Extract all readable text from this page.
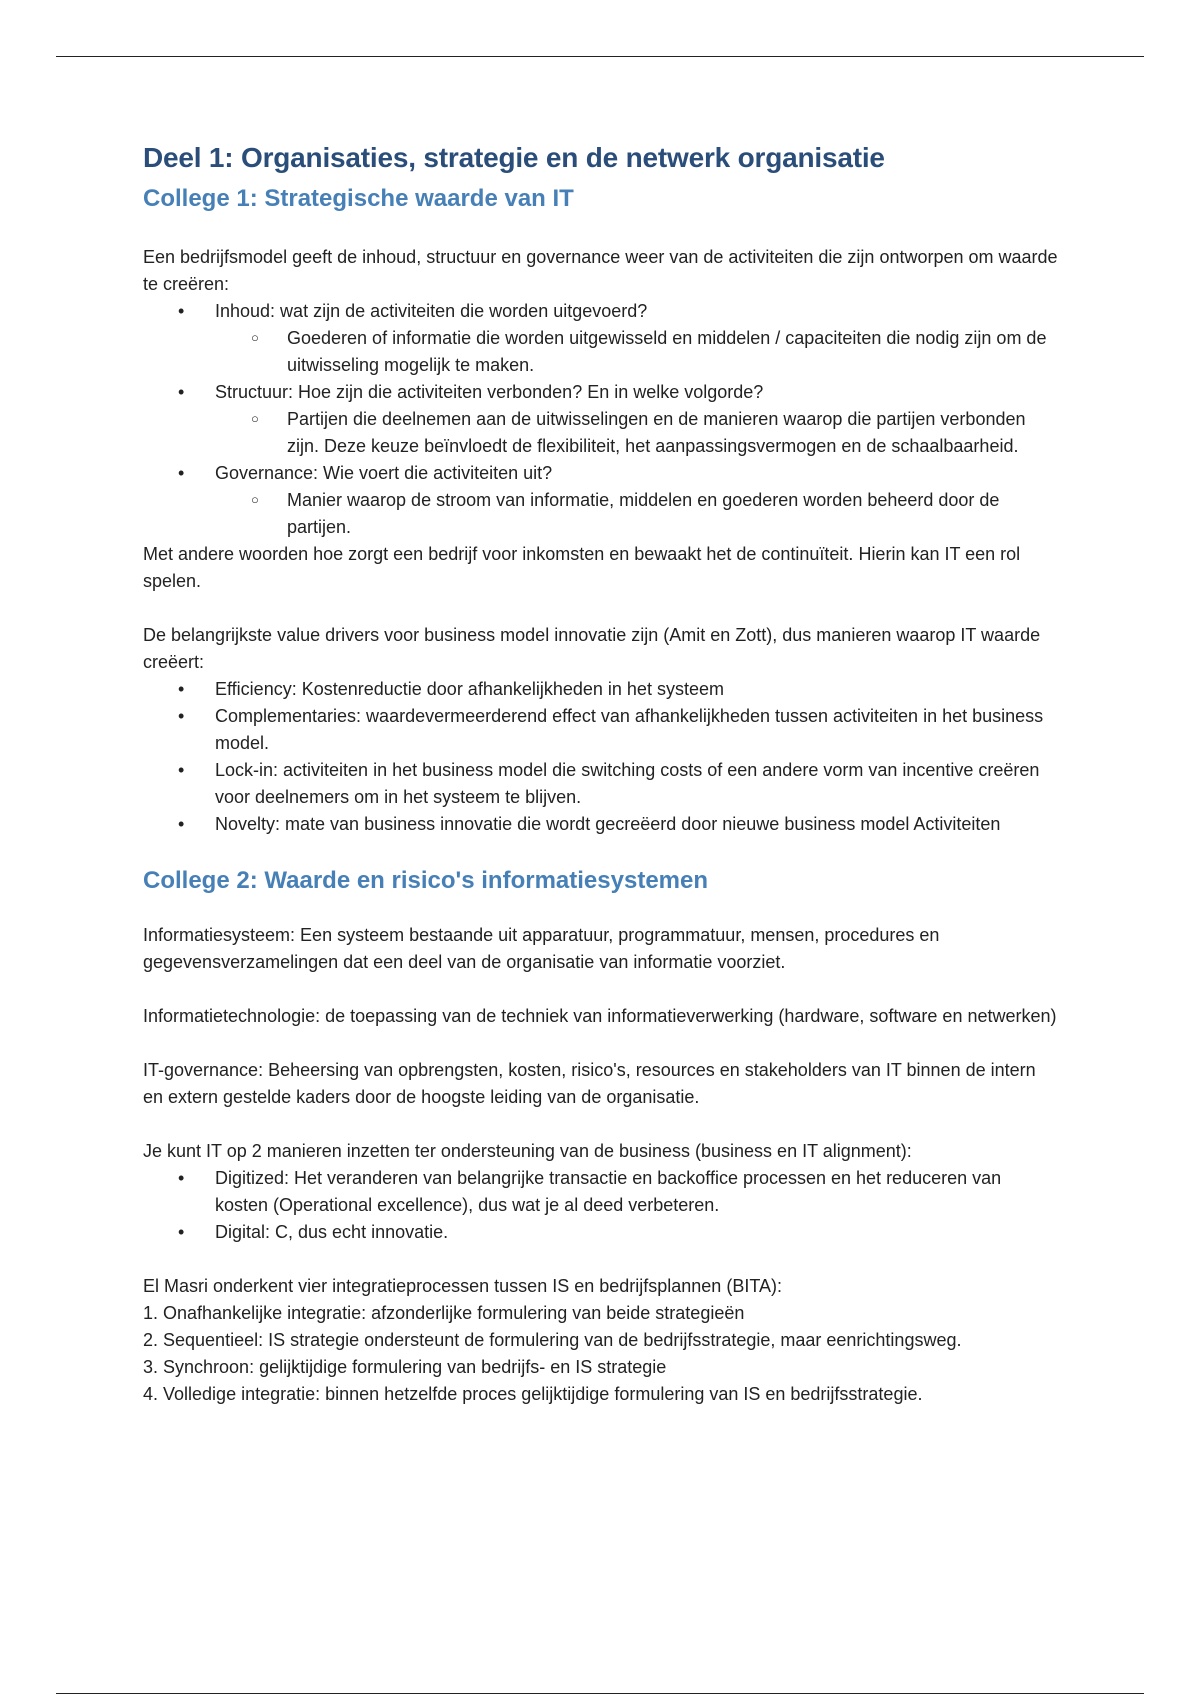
Deel 1: Organisaties, strategie en de netwerk organisatie
College 1: Strategische waarde van IT

Een bedrijfsmodel geeft de inhoud, structuur en governance weer van de activiteiten die zijn ontworpen om waarde te creëren:

• Inhoud: wat zijn de activiteiten die worden uitgevoerd?
○ Goederen of informatie die worden uitgewisseld en middelen / capaciteiten die nodig zijn om de uitwisseling mogelijk te maken.
• Structuur: Hoe zijn die activiteiten verbonden? En in welke volgorde?
○ Partijen die deelnemen aan de uitwisselingen en de manieren waarop die partijen verbonden zijn. Deze keuze beïnvloedt de flexibiliteit, het aanpassingsvermogen en de schaalbaarheid.
• Governance: Wie voert die activiteiten uit?
○ Manier waarop de stroom van informatie, middelen en goederen worden beheerd door de partijen.

Met andere woorden hoe zorgt een bedrijf voor inkomsten en bewaakt het de continuïteit. Hierin kan IT een rol spelen.

De belangrijkste value drivers voor business model innovatie zijn (Amit en Zott), dus manieren waarop IT waarde creëert:

• Efficiency: Kostenreductie door afhankelijkheden in het systeem
• Complementaries: waardevermeerderend effect van afhankelijkheden tussen activiteiten in het business model.
• Lock-in: activiteiten in het business model die switching costs of een andere vorm van incentive creëren voor deelnemers om in het systeem te blijven.
• Novelty: mate van business innovatie die wordt gecreëerd door nieuwe business model Activiteiten
College 2: Waarde en risico's informatiesystemen

Informatiesysteem: Een systeem bestaande uit apparatuur, programmatuur, mensen, procedures en gegevensverzamelingen dat een deel van de organisatie van informatie voorziet.

Informatietechnologie: de toepassing van de techniek van informatieverwerking (hardware, software en netwerken)

IT-governance: Beheersing van opbrengsten, kosten, risico's, resources en stakeholders van IT binnen de intern en extern gestelde kaders door de hoogste leiding van de organisatie.

Je kunt IT op 2 manieren inzetten ter ondersteuning van de business (business en IT alignment):

• Digitized: Het veranderen van belangrijke transactie en backoffice processen en het reduceren van kosten (Operational excellence), dus wat je al deed verbeteren.
• Digital: C, dus echt innovatie.

El Masri onderkent vier integratieprocessen tussen IS en bedrijfsplannen (BITA):

1. Onafhankelijke integratie: afzonderlijke formulering van beide strategieën
2. Sequentieel: IS strategie ondersteunt de formulering van de bedrijfsstrategie, maar eenrichtingsweg.
3. Synchroon: gelijktijdige formulering van bedrijfs- en IS strategie
4. Volledige integratie: binnen hetzelfde proces gelijktijdige formulering van IS en bedrijfsstrategie.
